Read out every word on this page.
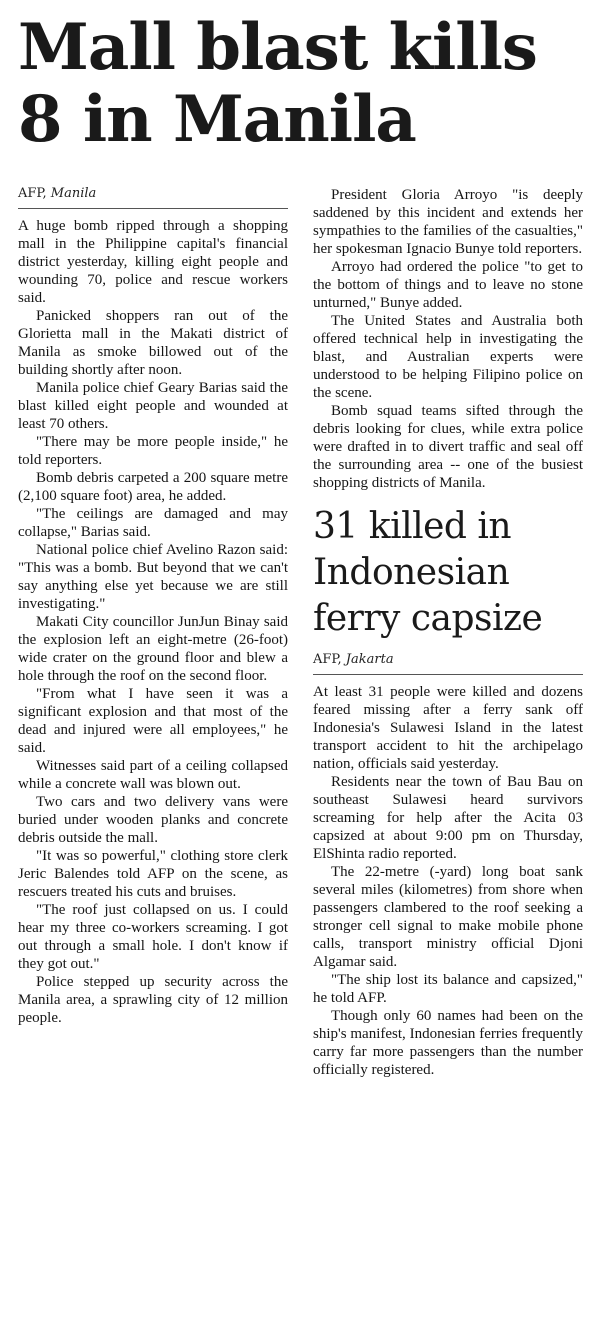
Mall blast kills 8 in Manila

AFP, Manila

A huge bomb ripped through a shopping mall in the Philippine capital's financial district yesterday, killing eight people and wounding 70, police and rescue workers said.

Panicked shoppers ran out of the Glorietta mall in the Makati district of Manila as smoke billowed out of the building shortly after noon.

Manila police chief Geary Barias said the blast killed eight people and wounded at least 70 others.

"There may be more people inside," he told reporters.

Bomb debris carpeted a 200 square metre (2,100 square foot) area, he added.

"The ceilings are damaged and may collapse," Barias said.

National police chief Avelino Razon said: "This was a bomb. But beyond that we can't say anything else yet because we are still investigating."

Makati City councillor JunJun Binay said the explosion left an eight-metre (26-foot) wide crater on the ground floor and blew a hole through the roof on the second floor.

"From what I have seen it was a significant explosion and that most of the dead and injured were all employees," he said.

Witnesses said part of a ceiling collapsed while a concrete wall was blown out.

Two cars and two delivery vans were buried under wooden planks and concrete debris outside the mall.

"It was so powerful," clothing store clerk Jeric Balendes told AFP on the scene, as rescuers treated his cuts and bruises.

"The roof just collapsed on us. I could hear my three co-workers screaming. I got out through a small hole. I don't know if they got out."

Police stepped up security across the Manila area, a sprawling city of 12 million people.

President Gloria Arroyo "is deeply saddened by this incident and extends her sympathies to the families of the casualties," her spokesman Ignacio Bunye told reporters.

Arroyo had ordered the police "to get to the bottom of things and to leave no stone unturned," Bunye added.

The United States and Australia both offered technical help in investigating the blast, and Australian experts were understood to be helping Filipino police on the scene.

Bomb squad teams sifted through the debris looking for clues, while extra police were drafted in to divert traffic and seal off the surrounding area -- one of the busiest shopping districts of Manila.

31 killed in Indonesian ferry capsize

AFP, Jakarta

At least 31 people were killed and dozens feared missing after a ferry sank off Indonesia's Sulawesi Island in the latest transport accident to hit the archipelago nation, officials said yesterday.

Residents near the town of Bau Bau on southeast Sulawesi heard survivors screaming for help after the Acita 03 capsized at about 9:00 pm on Thursday, ElShinta radio reported.

The 22-metre (-yard) long boat sank several miles (kilometres) from shore when passengers clambered to the roof seeking a stronger cell signal to make mobile phone calls, transport ministry official Djoni Algamar said.

"The ship lost its balance and capsized," he told AFP.

Though only 60 names had been on the ship's manifest, Indonesian ferries frequently carry far more passengers than the number officially registered.
